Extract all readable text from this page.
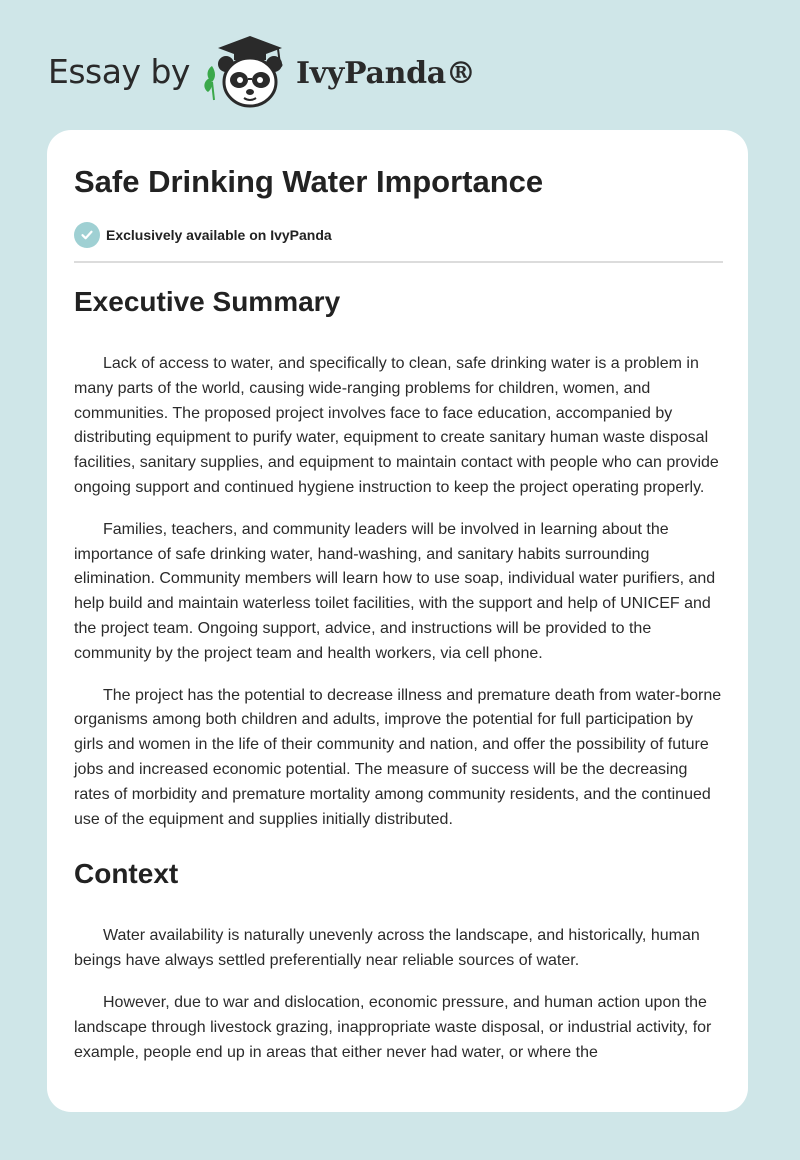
Essay by	IvyPanda®
Safe Drinking Water Importance
Exclusively available on IvyPanda
Executive Summary

Lack of access to water, and specifically to clean, safe drinking water is a problem in many parts of the world, causing wide-ranging problems for children, women, and communities. The proposed project involves face to face education, accompanied by distributing equipment to purify water, equipment to create sanitary human waste disposal facilities, sanitary supplies, and equipment to maintain contact with people who can provide ongoing support and continued hygiene instruction to keep the project operating properly.

Families, teachers, and community leaders will be involved in learning about the importance of safe drinking water, hand-washing, and sanitary habits surrounding elimination. Community members will learn how to use soap, individual water purifiers, and help build and maintain waterless toilet facilities, with the support and help of UNICEF and the project team. Ongoing support, advice, and instructions will be provided to the community by the project team and health workers, via cell phone.

The project has the potential to decrease illness and premature death from water-borne organisms among both children and adults, improve the potential for full participation by girls and women in the life of their community and nation, and offer the possibility of future jobs and increased economic potential. The measure of success will be the decreasing rates of morbidity and premature mortality among community residents, and the continued use of the equipment and supplies initially distributed.

Context

Water availability is naturally unevenly across the landscape, and historically, human beings have always settled preferentially near reliable sources of water.

However, due to war and dislocation, economic pressure, and human action upon the landscape through livestock grazing, inappropriate waste disposal, or industrial activity, for example, people end up in areas that either never had water, or where the
